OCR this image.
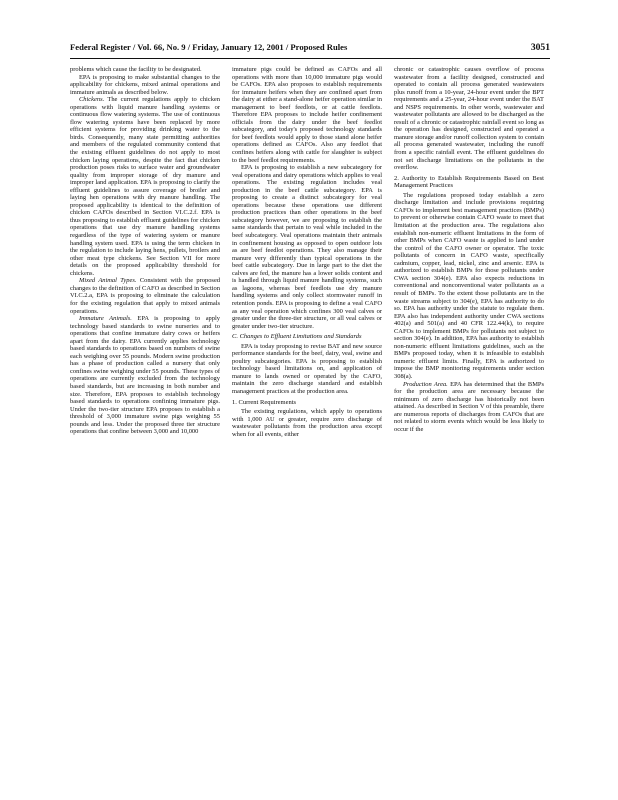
Federal Register / Vol. 66, No. 9 / Friday, January 12, 2001 / Proposed Rules	3051

problems which cause the facility to be designated.

EPA is proposing to make substantial changes to the applicability for chickens, mixed animal operations and immature animals as described below.

Chickens. The current regulations apply to chicken operations with liquid manure handling systems or continuous flow watering systems. The use of continuous flow watering systems have been replaced by more efficient systems for providing drinking water to the birds. Consequently, many state permitting authorities and members of the regulated community contend that the existing effluent guidelines do not apply to most chicken laying operations, despite the fact that chicken production poses risks to surface water and groundwater quality from improper storage of dry manure and improper land application. EPA is proposing to clarify the effluent guidelines to assure coverage of broiler and laying hen operations with dry manure handling. The proposed applicability is identical to the definition of chicken CAFOs described in Section VI.C.2.f. EPA is thus proposing to establish effluent guidelines for chicken operations that use dry manure handling systems regardless of the type of watering system or manure handling system used. EPA is using the term chicken in the regulation to include laying hens, pullets, broilers and other meat type chickens. See Section VII for more details on the proposed applicability threshold for chickens.

Mixed Animal Types. Consistent with the proposed changes to the definition of CAFO as described in Section VI.C.2.a, EPA is proposing to eliminate the calculation for the existing regulation that apply to mixed animals operations.

Immature Animals. EPA is proposing to apply technology based standards to swine nurseries and to operations that confine immature dairy cows or heifers apart from the dairy. EPA currently applies technology based standards to operations based on numbers of swine each weighing over 55 pounds. Modern swine production has a phase of production called a nursery that only confines swine weighing under 55 pounds. These types of operations are currently excluded from the technology based standards, but are increasing in both number and size. Therefore, EPA proposes to establish technology based standards to operations confining immature pigs. Under the two-tier structure EPA proposes to establish a threshold of 3,000 immature swine pigs weighing 55 pounds and less. Under the proposed three tier structure operations that confine between 3,000 and 10,000

immature pigs could be defined as CAFOs and all operations with more than 10,000 immature pigs would be CAFOs. EPA also proposes to establish requirements for immature heifers when they are confined apart from the dairy at either a stand-alone heifer operation similar in management to beef feedlots, or at cattle feedlots. Therefore EPA proposes to include heifer confinement officials from the dairy under the beef feedlot subcategory, and today's proposed technology standards for beef feedlots would apply to those stand alone heifer operations defined as CAFOs. Also any feedlot that confines heifers along with cattle for slaughter is subject to the beef feedlot requirements.

EPA is proposing to establish a new subcategory for veal operations and dairy operations which applies to veal operations. The existing regulation includes veal production in the beef cattle subcategory. EPA is proposing to create a distinct subcategory for veal operations because these operations use different production practices than other operations in the beef subcategory however, we are proposing to establish the same standards that pertain to veal while included in the beef subcategory. Veal operations maintain their animals in confinement housing as opposed to open outdoor lots as are beef feedlot operations. They also manage their manure very differently than typical operations in the beef cattle subcategory. Due in large part to the diet the calves are fed, the manure has a lower solids content and is handled through liquid manure handling systems, such as lagoons, whereas beef feedlots use dry manure handling systems and only collect stormwater runoff in retention ponds. EPA is proposing to define a veal CAFO as any veal operation which confines 300 veal calves or greater under the three-tier structure, or all veal calves or greater under two-tier structure.

C. Changes to Effluent Limitations and Standards

EPA is today proposing to revise BAT and new source performance standards for the beef, dairy, veal, swine and poultry subcategories. EPA is proposing to establish technology based limitations on, and application of manure to lands owned or operated by the CAFO, maintain the zero discharge standard and establish management practices at the production area.

1. Current Requirements

The existing regulations, which apply to operations with 1,000 AU or greater, require zero discharge of wastewater pollutants from the production area except when for all events, either

chronic or catastrophic causes overflow of process wastewater from a facility designed, constructed and operated to contain all process generated wastewaters plus runoff from a 10-year, 24-hour event under the BPT requirements and a 25-year, 24-hour event under the BAT and NSPS requirements. In other words, wastewater and wastewater pollutants are allowed to be discharged as the result of a chronic or catastrophic rainfall event so long as the operation has designed, constructed and operated a manure storage and/or runoff collection system to contain all process generated wastewater, including the runoff from a specific rainfall event. The effluent guidelines do not set discharge limitations on the pollutants in the overflow.

2. Authority to Establish Requirements Based on Best Management Practices

The regulations proposed today establish a zero discharge limitation and include provisions requiring CAFOs to implement best management practices (BMPs) to prevent or otherwise contain CAFO waste to meet that limitation at the production area. The regulations also establish non-numeric effluent limitations in the form of other BMPs when CAFO waste is applied to land under the control of the CAFO owner or operator. The toxic pollutants of concern in CAFO waste, specifically cadmium, copper, lead, nickel, zinc and arsenic. EPA is authorized to establish BMPs for those pollutants under CWA section 304(e). EPA also expects reductions in conventional and nonconventional water pollutants as a result of BMPs. To the extent those pollutants are in the waste streams subject to 304(e), EPA has authority to do so. EPA has authority under the statute to regulate them. EPA also has independent authority under CWA sections 402(a) and 501(a) and 40 CFR 122.44(k), to require CAFOs to implement BMPs for pollutants not subject to section 304(e). In addition, EPA has authority to establish non-numeric effluent limitations guidelines, such as the BMPs proposed today, when it is infeasible to establish numeric effluent limits. Finally, EPA is authorized to impose the BMP monitoring requirements under section 308(a).

Production Area. EPA has determined that the BMPs for the production area are necessary because the minimum of zero discharge has historically not been attained. As described in Section V of this preamble, there are numerous reports of discharges from CAFOs that are not related to storm events which would be less likely to occur if the
